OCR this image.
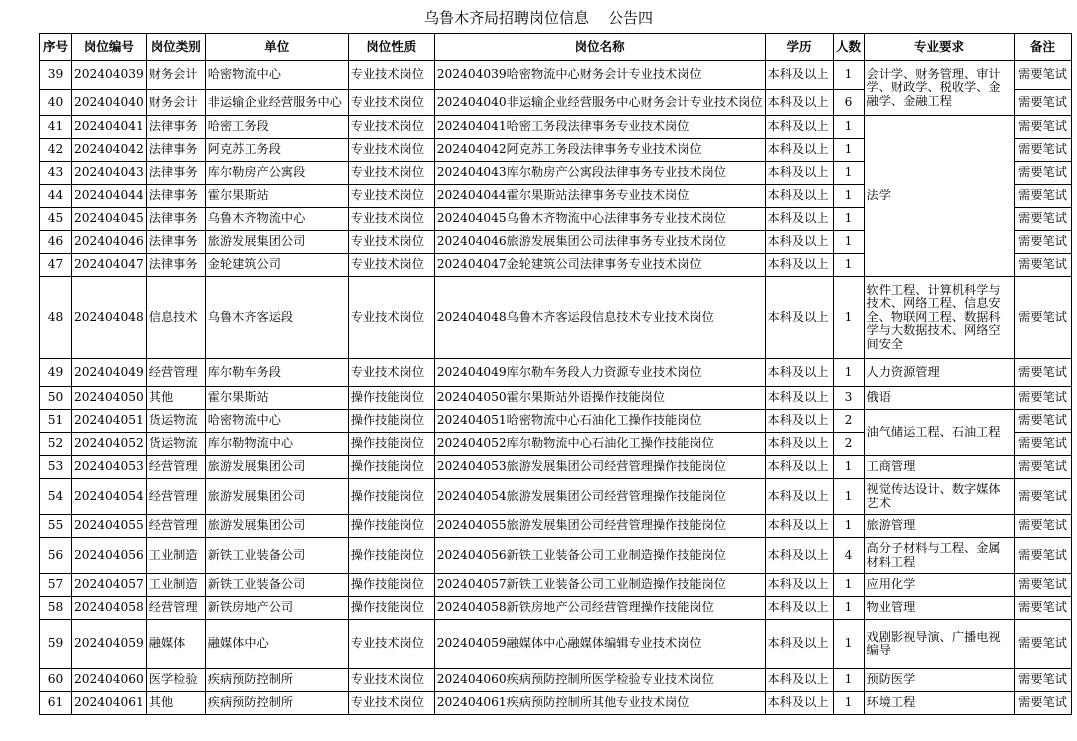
乌鲁木齐局招聘岗位信息    公告四
序号	岗位编号	岗位类别	单位	岗位性质	岗位名称	学历	人数	专业要求	备注
39	202404039	财务会计	哈密物流中心	专业技术岗位	202404039哈密物流中心财务会计专业技术岗位	本科及以上	1	会计学、财务管理、审计学、财政学、税收学、金融学、金融工程	需要笔试
40	202404040	财务会计	非运输企业经营服务中心	专业技术岗位	202404040非运输企业经营服务中心财务会计专业技术岗位	本科及以上	6		需要笔试
41	202404041	法律事务	哈密工务段	专业技术岗位	202404041哈密工务段法律事务专业技术岗位	本科及以上	1	法学	需要笔试
42	202404042	法律事务	阿克苏工务段	专业技术岗位	202404042阿克苏工务段法律事务专业技术岗位	本科及以上	1		需要笔试
43	202404043	法律事务	库尔勒房产公寓段	专业技术岗位	202404043库尔勒房产公寓段法律事务专业技术岗位	本科及以上	1		需要笔试
44	202404044	法律事务	霍尔果斯站	专业技术岗位	202404044霍尔果斯站法律事务专业技术岗位	本科及以上	1		需要笔试
45	202404045	法律事务	乌鲁木齐物流中心	专业技术岗位	202404045乌鲁木齐物流中心法律事务专业技术岗位	本科及以上	1		需要笔试
46	202404046	法律事务	旅游发展集团公司	专业技术岗位	202404046旅游发展集团公司法律事务专业技术岗位	本科及以上	1		需要笔试
47	202404047	法律事务	金轮建筑公司	专业技术岗位	202404047金轮建筑公司法律事务专业技术岗位	本科及以上	1		需要笔试
48	202404048	信息技术	乌鲁木齐客运段	专业技术岗位	202404048乌鲁木齐客运段信息技术专业技术岗位	本科及以上	1	软件工程、计算机科学与技术、网络工程、信息安全、物联网工程、数据科学与大数据技术、网络空间安全	需要笔试
49	202404049	经营管理	库尔勒车务段	专业技术岗位	202404049库尔勒车务段人力资源专业技术岗位	本科及以上	1	人力资源管理	需要笔试
50	202404050	其他	霍尔果斯站	操作技能岗位	202404050霍尔果斯站外语操作技能岗位	本科及以上	3	俄语	需要笔试
51	202404051	货运物流	哈密物流中心	操作技能岗位	202404051哈密物流中心石油化工操作技能岗位	本科及以上	2	油气储运工程、石油工程	需要笔试
52	202404052	货运物流	库尔勒物流中心	操作技能岗位	202404052库尔勒物流中心石油化工操作技能岗位	本科及以上	2		需要笔试
53	202404053	经营管理	旅游发展集团公司	操作技能岗位	202404053旅游发展集团公司经营管理操作技能岗位	本科及以上	1	工商管理	需要笔试
54	202404054	经营管理	旅游发展集团公司	操作技能岗位	202404054旅游发展集团公司经营管理操作技能岗位	本科及以上	1	视觉传达设计、数字媒体艺术	需要笔试
55	202404055	经营管理	旅游发展集团公司	操作技能岗位	202404055旅游发展集团公司经营管理操作技能岗位	本科及以上	1	旅游管理	需要笔试
56	202404056	工业制造	新铁工业装备公司	操作技能岗位	202404056新铁工业装备公司工业制造操作技能岗位	本科及以上	4	高分子材料与工程、金属材料工程	需要笔试
57	202404057	工业制造	新铁工业装备公司	操作技能岗位	202404057新铁工业装备公司工业制造操作技能岗位	本科及以上	1	应用化学	需要笔试
58	202404058	经营管理	新铁房地产公司	操作技能岗位	202404058新铁房地产公司经营管理操作技能岗位	本科及以上	1	物业管理	需要笔试
59	202404059	融媒体	融媒体中心	专业技术岗位	202404059融媒体中心融媒体编辑专业技术岗位	本科及以上	1	戏剧影视导演、广播电视编导	需要笔试
60	202404060	医学检验	疾病预防控制所	专业技术岗位	202404060疾病预防控制所医学检验专业技术岗位	本科及以上	1	预防医学	需要笔试
61	202404061	其他	疾病预防控制所	专业技术岗位	202404061疾病预防控制所其他专业技术岗位	本科及以上	1	环境工程	需要笔试
